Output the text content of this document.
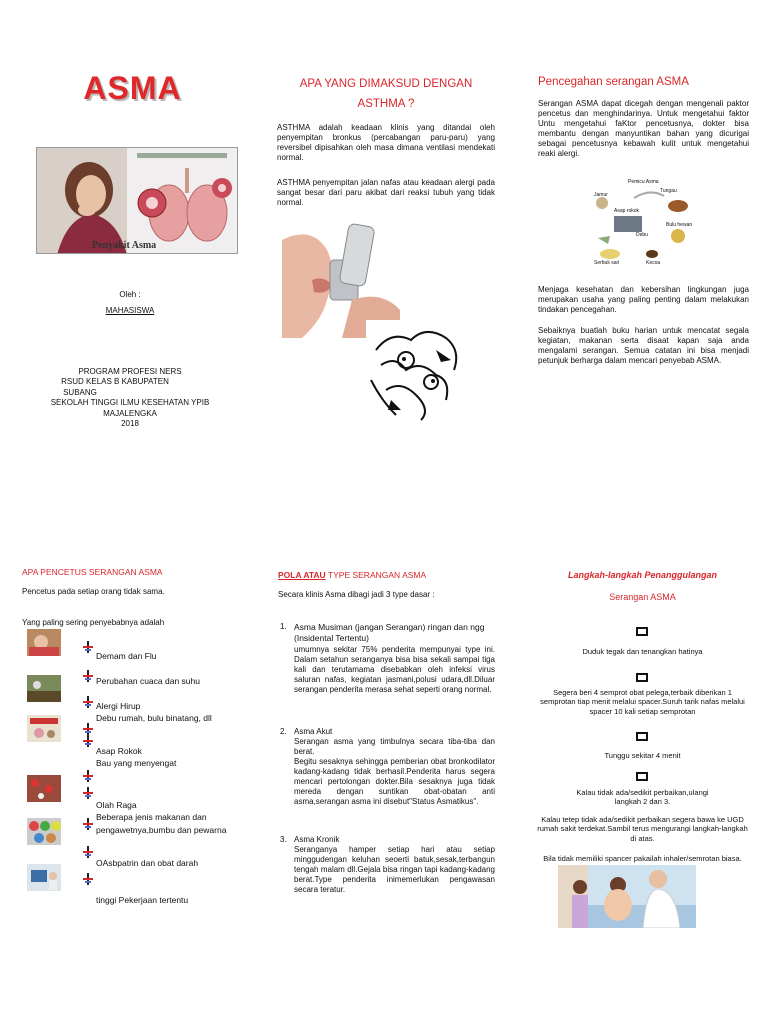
ASMA
Penyakit Asma
Oleh :
MAHASISWA
PROGRAM PROFESI NERS
RSUD KELAS B KABUPATEN
SUBANG
SEKOLAH TINGGI ILMU KESEHATAN YPIB
MAJALENGKA
2018
APA YANG DIMAKSUD DENGAN
ASTHMA ?
ASTHMA adalah keadaan klinis yang ditandai oleh penyempitan bronkus (percabangan paru-paru) yang reversibel dipisahkan oleh masa dimana ventilasi mendekati normal.
ASTHMA penyempitan jalan nafas atau keadaan alergi pada sangat besar dari paru akibat dari reaksi tubuh yang tidak normal.
Pencegahan serangan ASMA
Serangan ASMA dapat dicegah dengan mengenali paktor pencetus dan menghindarinya. Untuk mengetahui faktor Untu mengetahui faKtor pencetusnya, dokter bisa membantu dengan manyuntikan bahan yang dicurigai sebagai pencetusnya kebawah kulit untuk mengetahui reaki alergi.
Pemicu Asma
Debu
Tungau
Bulu hewan
Jamur
Asap rokok
Serbuk sari	Kecoa
Menjaga kesehatan dan kebersihan lingkungan juga merupakan usaha yang paling penting dalam melakukan tindakan pencegahan.
Sebaiknya buatlah buku harian untuk mencatat segala kegiatan, makanan serta disaat kapan saja anda mengalami serangan. Semua catatan ini bisa menjadi petunjuk berharga dalam mencari penyebab ASMA.
APA PENCETUS SERANGAN ASMA
Pencetus pada setiap orang tidak sama.
Yang paling sering penyebabnya adalah
Demam dan Flu
Perubahan cuaca dan suhu
Alergi Hirup
Debu rumah, bulu binatang, dll
Asap Rokok
Bau yang menyengat
Olah Raga
Beberapa jenis makanan dan
pengawetnya,bumbu dan pewarna
OAsbpatrin dan obat darah
tinggi Pekerjaan tertentu
POLA ATAU TYPE SERANGAN ASMA
Secara klinis Asma dibagi jadi 3 type dasar :
1. Asma Musiman (jangan Serangan) ringan dan ngg (Insidental Tertentu)
umumnya sekitar 75% penderita mempunyai type ini. Dalam setahun seranganya bisa bisa sekali sampai tiga kali dan terutamama disebabkan oleh infeksi virus saluran nafas, kegiatan jasmani,polusi udara,dll.Diluar serangan penderita merasa sehat seperti orang normal.
2. Asma Akut
Serangan asma yang timbulnya secara tiba-tiba dan berat.
Begitu sesaknya sehingga pemberian obat bronkodilator kadang-kadang tidak berhasil.Penderita harus segera mencari pertolongan dokter.Bila sesaknya juga tidak mereda dengan suntikan obat-obatan anti asma,serangan asma ini disebut"Status Asmatikus".
3. Asma Kronik
Seranganya hamper setiap hari atau setiap minggudengan keluhan seoerti batuk,sesak,terbangun tengah malam dll.Gejala bisa ringan tapi kadang-kadang berat.Type penderita inimemerlukan pengawasan secara teratur.
Langkah-langkah Penanggulangan
Serangan ASMA
Duduk tegak dan tenangkan hatinya
Segera beri 4 semprot obat pelega,terbaik diberikan 1 semprotan tiap menit melalui spacer.Suruh tarik nafas melalui spacer 10 kali setiap semprotan
Tunggu sekitar 4 menit
Kalau tidak ada/sedikit perbaikan,ulangi langkah 2 dan 3.
Kalau tetep tidak ada/sedikit perbaikan segera bawa ke UGD rumah sakit terdekat.Sambil terus mengurangi langkah-langkah di atas.
Bila tidak memiliki spancer pakailah inhaler/semrotan biasa.
